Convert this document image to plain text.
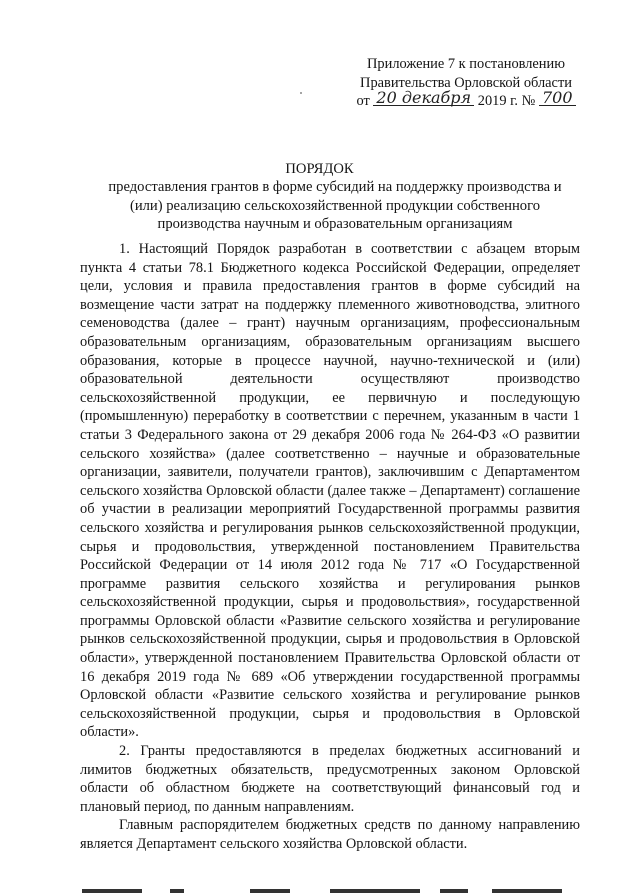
Приложение 7 к постановлению
Правительства Орловской области
от 20 декабря 2019 г. № 700
ПОРЯДОК
предоставления грантов в форме субсидий на поддержку производства и (или) реализацию сельскохозяйственной продукции собственного производства научным и образовательным организациям

1. Настоящий Порядок разработан в соответствии с абзацем вторым пункта 4 статьи 78.1 Бюджетного кодекса Российской Федерации, определяет цели, условия и правила предоставления грантов в форме субсидий на возмещение части затрат на поддержку племенного животноводства, элитного семеноводства (далее – грант) научным организациям, профессиональным образовательным организациям, образовательным организациям высшего образования, которые в процессе научной, научно-технической и (или) образовательной деятельности осуществляют производство сельскохозяйственной продукции, ее первичную и последующую (промышленную) переработку в соответствии с перечнем, указанным в части 1 статьи 3 Федерального закона от 29 декабря 2006 года № 264-ФЗ «О развитии сельского хозяйства» (далее соответственно – научные и образовательные организации, заявители, получатели грантов), заключившим с Департаментом сельского хозяйства Орловской области (далее также – Департамент) соглашение об участии в реализации мероприятий Государственной программы развития сельского хозяйства и регулирования рынков сельскохозяйственной продукции, сырья и продовольствия, утвержденной постановлением Правительства Российской Федерации от 14 июля 2012 года № 717 «О Государственной программе развития сельского хозяйства и регулирования рынков сельскохозяйственной продукции, сырья и продовольствия», государственной программы Орловской области «Развитие сельского хозяйства и регулирование рынков сельскохозяйственной продукции, сырья и продовольствия в Орловской области», утвержденной постановлением Правительства Орловской области от 16 декабря 2019 года № 689 «Об утверждении государственной программы Орловской области «Развитие сельского хозяйства и регулирование рынков сельскохозяйственной продукции, сырья и продовольствия в Орловской области».

2. Гранты предоставляются в пределах бюджетных ассигнований и лимитов бюджетных обязательств, предусмотренных законом Орловской области об областном бюджете на соответствующий финансовый год и плановый период, по данным направлениям.

Главным распорядителем бюджетных средств по данному направлению является Департамент сельского хозяйства Орловской области.
